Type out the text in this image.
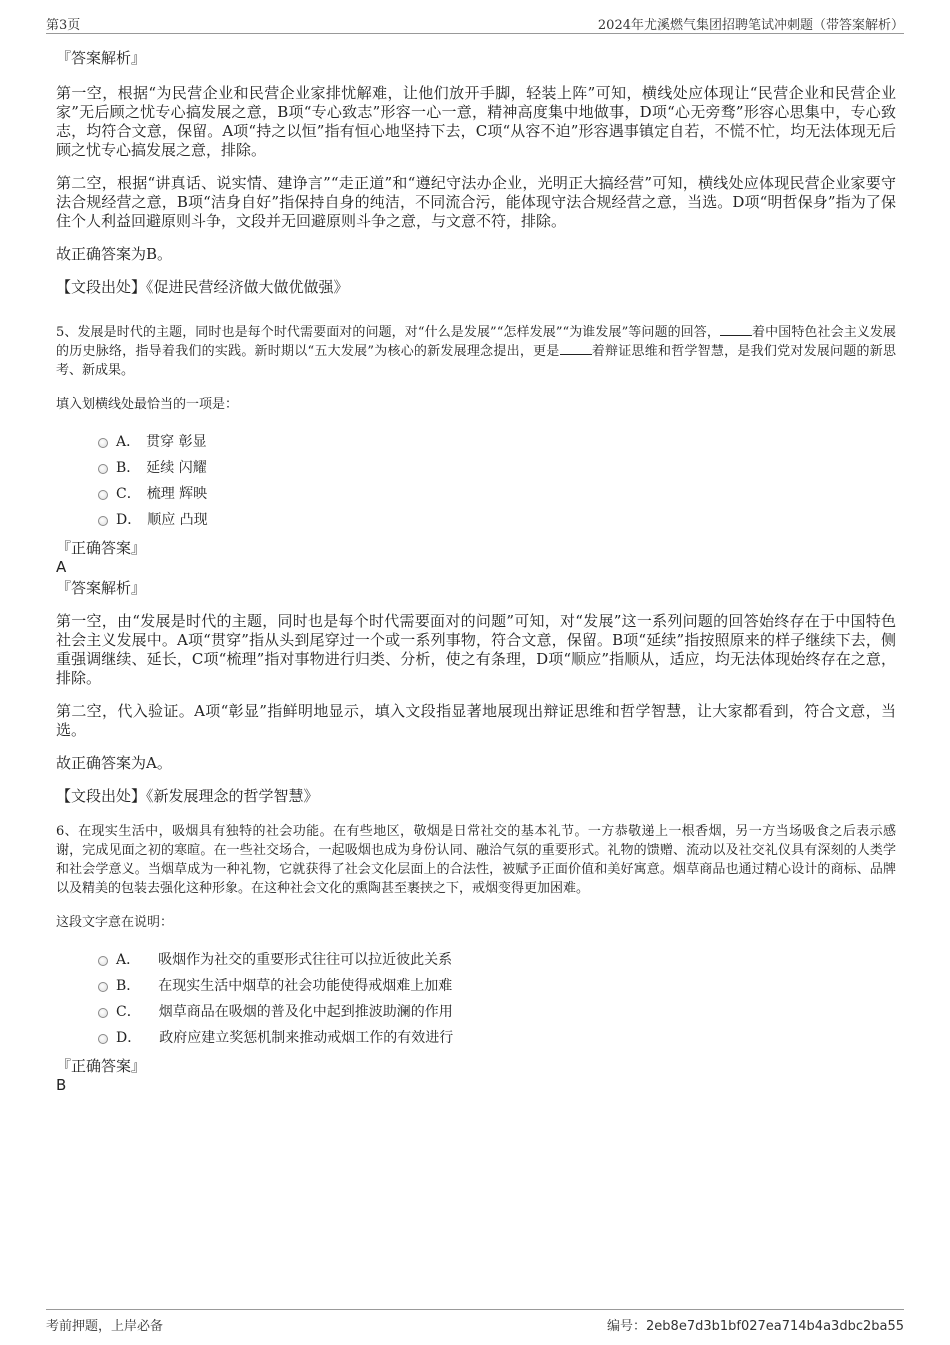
第3页	2024年尤溪燃气集团招聘笔试冲刺题（带答案解析）
『答案解析』
第一空，根据“为民营企业和民营企业家排忧解难，让他们放开手脚，轻装上阵”可知，横线处应体现让“民营企业和民营企业家”无后顾之忧专心搞发展之意，B项“专心致志”形容一心一意，精神高度集中地做事，D项“心无旁骛”形容心思集中，专心致志，均符合文意，保留。A项“持之以恒”指有恒心地坚持下去，C项“从容不迫”形容遇事镇定自若，不慌不忙，均无法体现无后顾之忧专心搞发展之意，排除。
第二空，根据“讲真话、说实情、建诤言”“走正道”和“遵纪守法办企业，光明正大搞经营”可知，横线处应体现民营企业家要守法合规经营之意，B项“洁身自好”指保持自身的纯洁，不同流合污，能体现守法合规经营之意，当选。D项“明哲保身”指为了保住个人利益回避原则斗争，文段并无回避原则斗争之意，与文意不符，排除。
故正确答案为B。
【文段出处】《促进民营经济做大做优做强》
5、发展是时代的主题，同时也是每个时代需要面对的问题，对“什么是发展”“怎样发展”“为谁发展”等问题的回答， 着中国特色社会主义发展的历史脉络，指导着我们的实践。新时期以“五大发展”为核心的新发展理念提出，更是 着辩证思维和哲学智慧，是我们党对发展问题的新思考、新成果。
填入划横线处最恰当的一项是：
A． 贯穿 彰显
B． 延续 闪耀
C． 梳理 辉映
D． 顺应 凸现
『正确答案』
A
『答案解析』
第一空，由“发展是时代的主题，同时也是每个时代需要面对的问题”可知，对“发展”这一系列问题的回答始终存在于中国特色社会主义发展中。A项“贯穿”指从头到尾穿过一个或一系列事物，符合文意，保留。B项“延续”指按照原来的样子继续下去，侧重强调继续、延长，C项“梳理”指对事物进行归类、分析，使之有条理，D项“顺应”指顺从，适应，均无法体现始终存在之意，排除。
第二空，代入验证。A项“彰显”指鲜明地显示，填入文段指显著地展现出辩证思维和哲学智慧，让大家都看到，符合文意，当选。
故正确答案为A。
【文段出处】《新发展理念的哲学智慧》
6、在现实生活中，吸烟具有独特的社会功能。在有些地区，敬烟是日常社交的基本礼节。一方恭敬递上一根香烟，另一方当场吸食之后表示感谢，完成见面之初的寒暄。在一些社交场合，一起吸烟也成为身份认同、融洽气氛的重要形式。礼物的馈赠、流动以及社交礼仪具有深刻的人类学和社会学意义。当烟草成为一种礼物，它就获得了社会文化层面上的合法性，被赋予正面价值和美好寓意。烟草商品也通过精心设计的商标、品牌以及精美的包装去强化这种形象。在这种社会文化的熏陶甚至裹挟之下，戒烟变得更加困难。
这段文字意在说明：
A． 吸烟作为社交的重要形式往往可以拉近彼此关系
B． 在现实生活中烟草的社会功能使得戒烟难上加难
C． 烟草商品在吸烟的普及化中起到推波助澜的作用
D． 政府应建立奖惩机制来推动戒烟工作的有效进行
『正确答案』
B
考前押题，上岸必备	编号：2eb8e7d3b1bf027ea714b4a3dbc2ba55
